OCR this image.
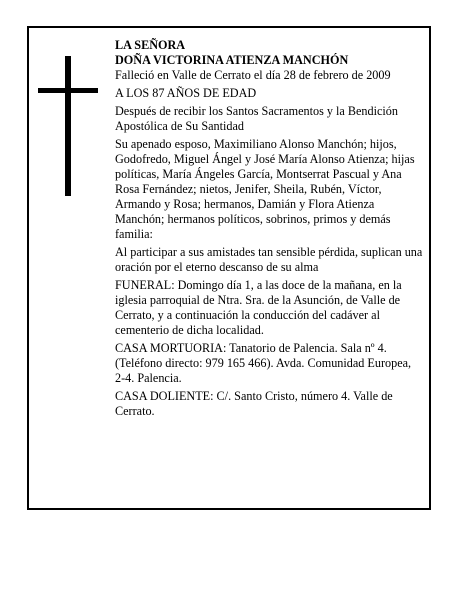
LA SEÑORA

DOÑA VICTORINA ATIENZA MANCHÓN

Falleció en Valle de Cerrato el día 28 de febrero de 2009

A LOS 87 AÑOS DE EDAD

Después de recibir los Santos Sacramentos y la Bendición Apostólica de Su Santidad

Su apenado esposo, Maximiliano Alonso Manchón; hijos, Godofredo, Miguel Ángel y José María Alonso Atienza; hijas políticas, María Ángeles García, Montserrat Pascual y Ana Rosa Fernández; nietos, Jenifer, Sheila, Rubén, Víctor, Armando y Rosa; hermanos, Damián y Flora Atienza Manchón; hermanos políticos, sobrinos, primos y demás familia:

Al participar a sus amistades tan sensible pérdida, suplican una oración por el eterno descanso de su alma

FUNERAL: Domingo día 1, a las doce de la mañana, en la iglesia parroquial de Ntra. Sra. de la Asunción, de Valle de Cerrato, y a continuación la conducción del cadáver al cementerio de dicha localidad.

CASA MORTUORIA: Tanatorio de Palencia. Sala nº 4. (Teléfono directo: 979 165 466). Avda. Comunidad Europea, 2-4. Palencia.

CASA DOLIENTE: C/. Santo Cristo, número 4. Valle de Cerrato.
